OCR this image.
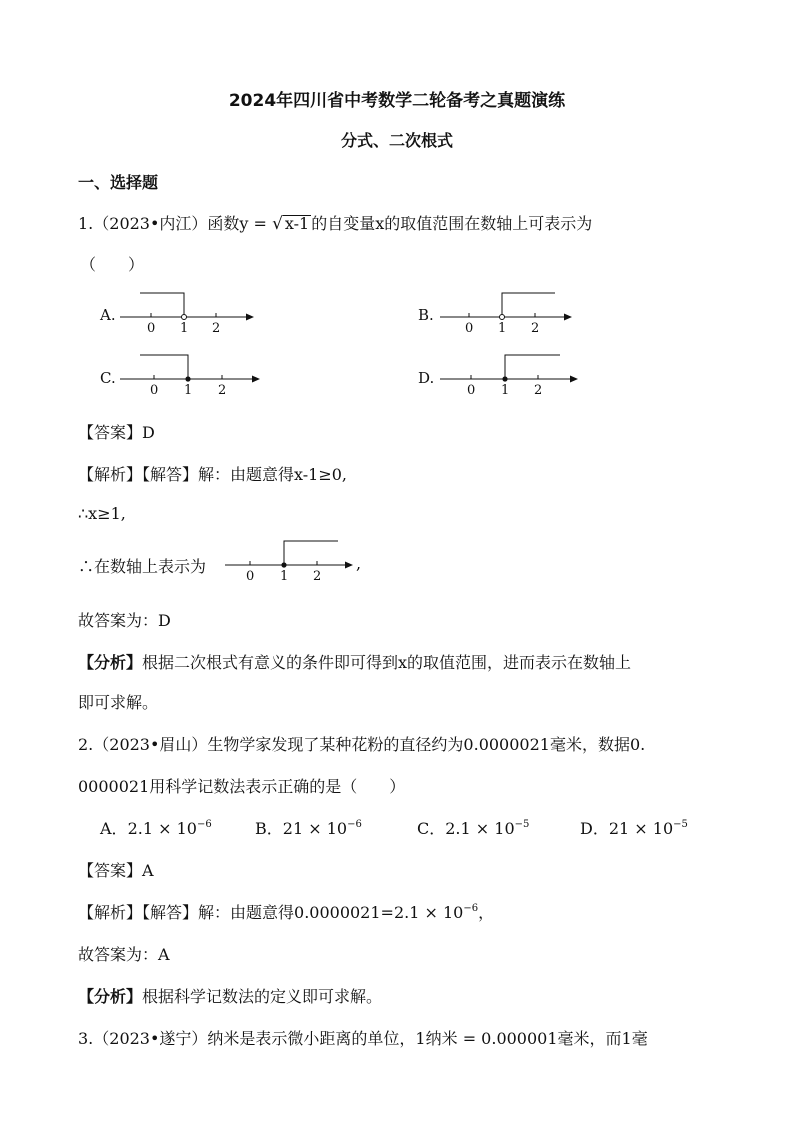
2024年四川省中考数学二轮备考之真题演练
分式、二次根式
一、选择题
1.（2023•内江）函数y = √ x-1 的自变量x的取值范围在数轴上可表示为
（　　）
A.
0 1 2
B.
0 1 2
C.
0 1 2
D.
0 1 2
【答案】D
【解析】【解答】解：由题意得x-1≥0,
∴x≥1,
∴在数轴上表示为
0 1 2
,
故答案为：D
【分析】根据二次根式有意义的条件即可得到x的取值范围，进而表示在数轴上
即可求解。
2.（2023•眉山）生物学家发现了某种花粉的直径约为0.0000021毫米，数据0.
0000021用科学记数法表示正确的是（　　）
A．2.1 × 10−6	B．21 × 10−6	C．2.1 × 10−5	D．21 × 10−5
【答案】A
【解析】【解答】解：由题意得$0.0000021=2.1 \times 10^{-6}$，
故答案为：A
【分析】根据科学记数法的定义即可求解。
3.（2023•遂宁）纳米是表示微小距离的单位，1纳米 = 0.000001毫米，而1毫
